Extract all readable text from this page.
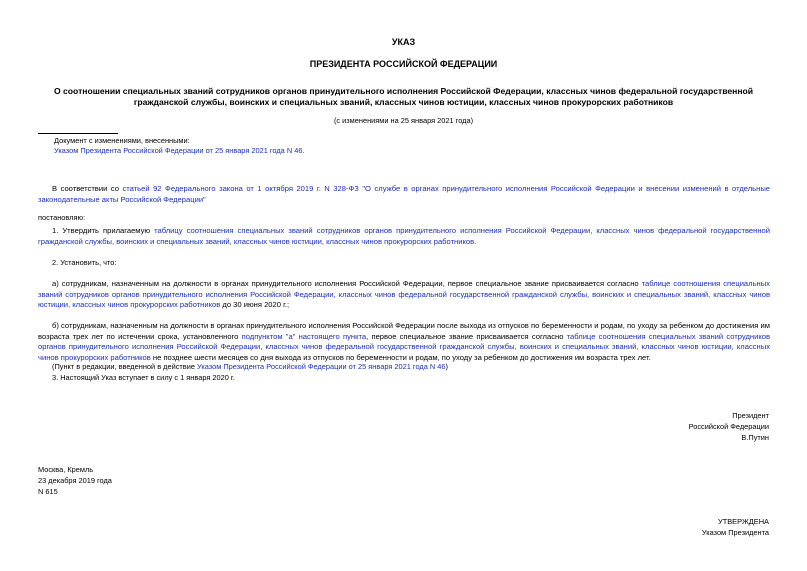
УКАЗ
ПРЕЗИДЕНТА РОССИЙСКОЙ ФЕДЕРАЦИИ
О соотношении специальных званий сотрудников органов принудительного исполнения Российской Федерации, классных чинов федеральной государственной
гражданской службы, воинских и специальных званий, классных чинов юстиции, классных чинов прокурорских работников
(с изменениями на 25 января 2021 года)
Документ с изменениями, внесенными:
Указом Президента Российской Федерации от 25 января 2021 года N 46.
В соответствии со статьей 92 Федерального закона от 1 октября 2019 г. N 328-ФЗ "О службе в органах принудительного исполнения Российской Федерации и внесении изменений в отдельные законодательные акты Российской Федерации"
постановляю:
1. Утвердить прилагаемую таблицу соотношения специальных званий сотрудников органов принудительного исполнения Российской Федерации, классных чинов федеральной государственной гражданской службы, воинских и специальных званий, классных чинов юстиции, классных чинов прокурорских работников.
2. Установить, что:
а) сотрудникам, назначенным на должности в органах принудительного исполнения Российской Федерации, первое специальное звание присваивается согласно таблице соотношения специальных званий сотрудников органов принудительного исполнения Российской Федерации, классных чинов федеральной государственной гражданской службы, воинских и специальных званий, классных чинов юстиции, классных чинов прокурорских работников до 30 июня 2020 г.;
б) сотрудникам, назначенным на должности в органах принудительного исполнения Российской Федерации после выхода из отпусков по беременности и родам, по уходу за ребенком до достижения им возраста трех лет по истечении срока, установленного подпунктом "а" настоящего пункта, первое специальное звание присваивается согласно таблице соотношения специальных званий сотрудников органов принудительного исполнения Российской Федерации, классных чинов федеральной государственной гражданской службы, воинских и специальных званий, классных чинов юстиции, классных чинов прокурорских работников не позднее шести месяцев со дня выхода из отпусков по беременности и родам, по уходу за ребенком до достижения им возраста трех лет.
(Пункт в редакции, введенной в действие Указом Президента Российской Федерации от 25 января 2021 года N 46)
3. Настоящий Указ вступает в силу с 1 января 2020 г.
Президент
Российской Федерации
В.Путин
Москва, Кремль
23 декабря 2019 года
N 615
УТВЕРЖДЕНА
Указом Президента
